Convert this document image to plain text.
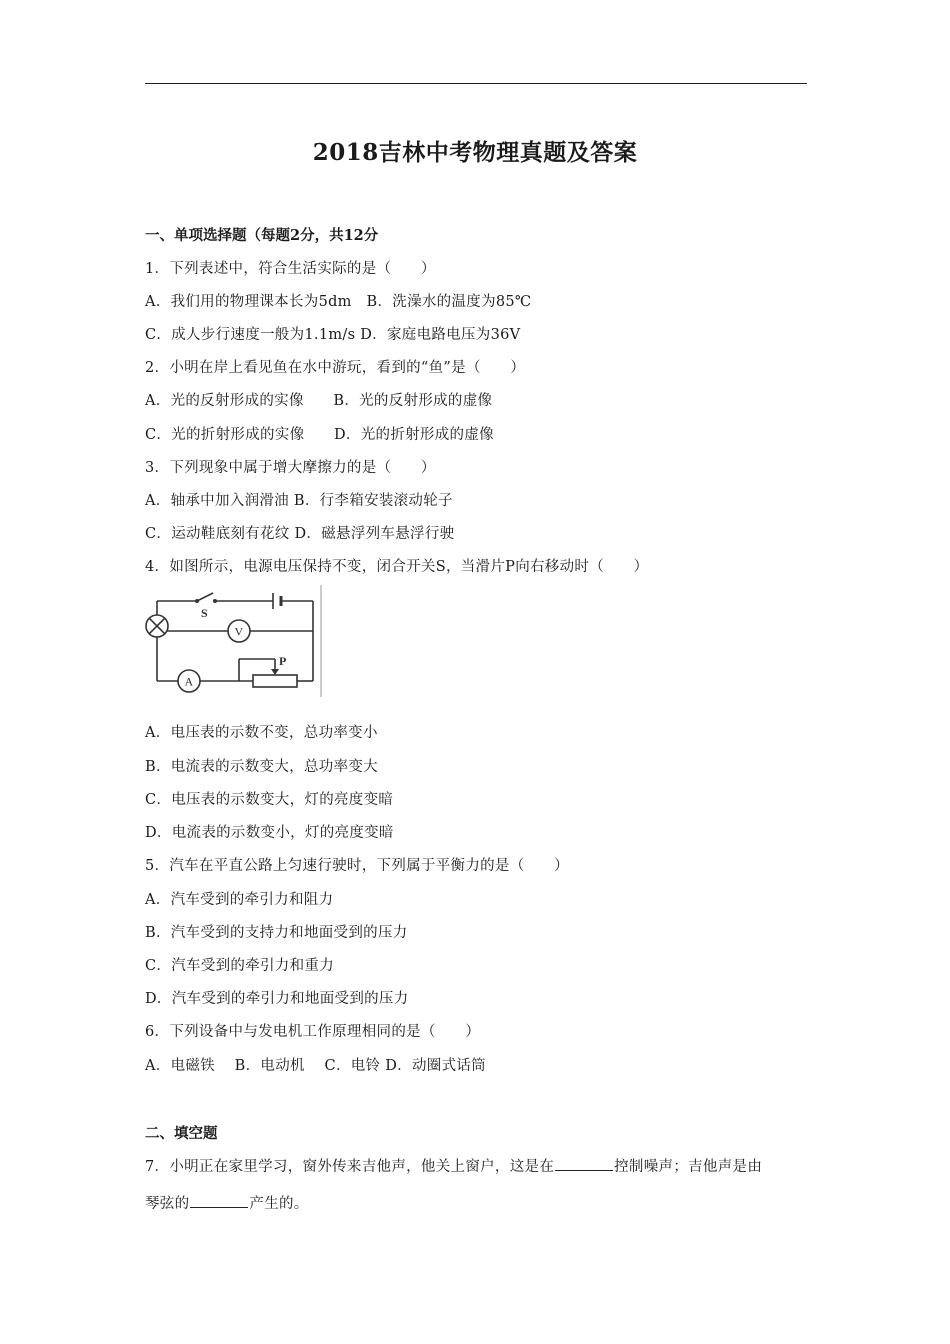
2018吉林中考物理真题及答案
一、单项选择题（每题2分，共12分
1．下列表述中，符合生活实际的是（　　）
A．我们用的物理课本长为5dm　B．洗澡水的温度为85℃
C．成人步行速度一般为1.1m/s D．家庭电路电压为36V
2．小明在岸上看见鱼在水中游玩，看到的“鱼”是（　　）
A．光的反射形成的实像　　B．光的反射形成的虚像
C．光的折射形成的实像　　D．光的折射形成的虚像
3．下列现象中属于增大摩擦力的是（　　）
A．轴承中加入润滑油 B．行李箱安装滚动轮子
C．运动鞋底刻有花纹 D．磁悬浮列车悬浮行驶
4．如图所示，电源电压保持不变，闭合开关S，当滑片P向右移动时（　　）
S
V
A
P
A．电压表的示数不变，总功率变小
B．电流表的示数变大，总功率变大
C．电压表的示数变大，灯的亮度变暗
D．电流表的示数变小，灯的亮度变暗
5．汽车在平直公路上匀速行驶时，下列属于平衡力的是（　　）
A．汽车受到的牵引力和阻力
B．汽车受到的支持力和地面受到的压力
C．汽车受到的牵引力和重力
D．汽车受到的牵引力和地面受到的压力
6．下列设备中与发电机工作原理相同的是（　　）
A．电磁铁　 B．电动机　 C．电铃 D．动圈式话筒
二、填空题
7．小明正在家里学习，窗外传来吉他声，他关上窗户，这是在	控制噪声；吉他声是由
琴弦的	产生的。
